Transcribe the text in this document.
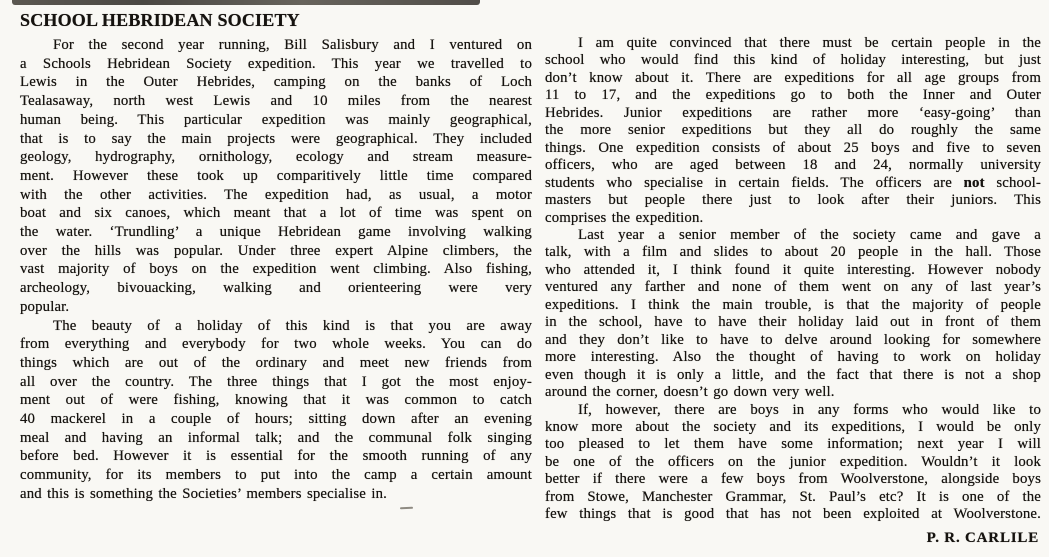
SCHOOL HEBRIDEAN SOCIETY
For the second year running, Bill Salisbury and I ventured on
a Schools Hebridean Society expedition. This year we travelled to
Lewis in the Outer Hebrides, camping on the banks of Loch
Tealasaway, north west Lewis and 10 miles from the nearest
human being. This particular expedition was mainly geographical,
that is to say the main projects were geographical. They included
geology, hydrography, ornithology, ecology and stream measure-
ment. However these took up comparitively little time compared
with the other activities. The expedition had, as usual, a motor
boat and six canoes, which meant that a lot of time was spent on
the water. ‘Trundling’ a unique Hebridean game involving walking
over the hills was popular. Under three expert Alpine climbers, the
vast majority of boys on the expedition went climbing. Also fishing,
archeology, bivouacking, walking and orienteering were very
popular.
The beauty of a holiday of this kind is that you are away
from everything and everybody for two whole weeks. You can do
things which are out of the ordinary and meet new friends from
all over the country. The three things that I got the most enjoy-
ment out of were fishing, knowing that it was common to catch
40 mackerel in a couple of hours; sitting down after an evening
meal and having an informal talk; and the communal folk singing
before bed. However it is essential for the smooth running of any
community, for its members to put into the camp a certain amount
and this is something the Societies’ members specialise in.
I am quite convinced that there must be certain people in the
school who would find this kind of holiday interesting, but just
don’t know about it. There are expeditions for all age groups from
11 to 17, and the expeditions go to both the Inner and Outer
Hebrides. Junior expeditions are rather more ‘easy-going’ than
the more senior expeditions but they all do roughly the same
things. One expedition consists of about 25 boys and five to seven
officers, who are aged between 18 and 24, normally university
students who specialise in certain fields. The officers are not school-
masters but people there just to look after their juniors. This
comprises the expedition.
Last year a senior member of the society came and gave a
talk, with a film and slides to about 20 people in the hall. Those
who attended it, I think found it quite interesting. However nobody
ventured any farther and none of them went on any of last year’s
expeditions. I think the main trouble, is that the majority of people
in the school, have to have their holiday laid out in front of them
and they don’t like to have to delve around looking for somewhere
more interesting. Also the thought of having to work on holiday
even though it is only a little, and the fact that there is not a shop
around the corner, doesn’t go down very well.
If, however, there are boys in any forms who would like to
know more about the society and its expeditions, I would be only
too pleased to let them have some information; next year I will
be one of the officers on the junior expedition. Wouldn’t it look
better if there were a few boys from Woolverstone, alongside boys
from Stowe, Manchester Grammar, St. Paul’s etc? It is one of the
few things that is good that has not been exploited at Woolverstone.
P. R. CARLILE
